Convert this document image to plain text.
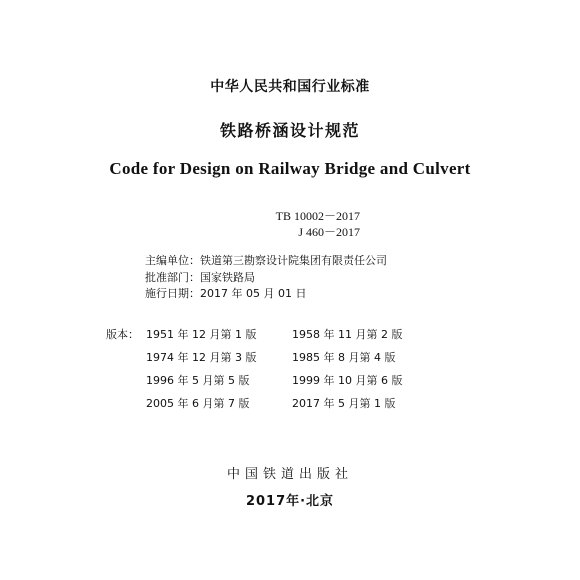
中华人民共和国行业标准
铁路桥涵设计规范
Code for Design on Railway Bridge and Culvert
TB 10002－2017
J 460－2017
主编单位： 铁道第三勘察设计院集团有限责任公司
批准部门： 国家铁路局
施行日期： 2017 年 05 月 01 日
版本： 1951 年 12 月第 1 版	1958 年 11 月第 2 版
1974 年 12 月第 3 版	1985 年 8 月第 4 版
1996 年 5 月第 5 版	1999 年 10 月第 6 版
2005 年 6 月第 7 版	2017 年 5 月第 1 版
中国铁道出版社
2017年·北京
